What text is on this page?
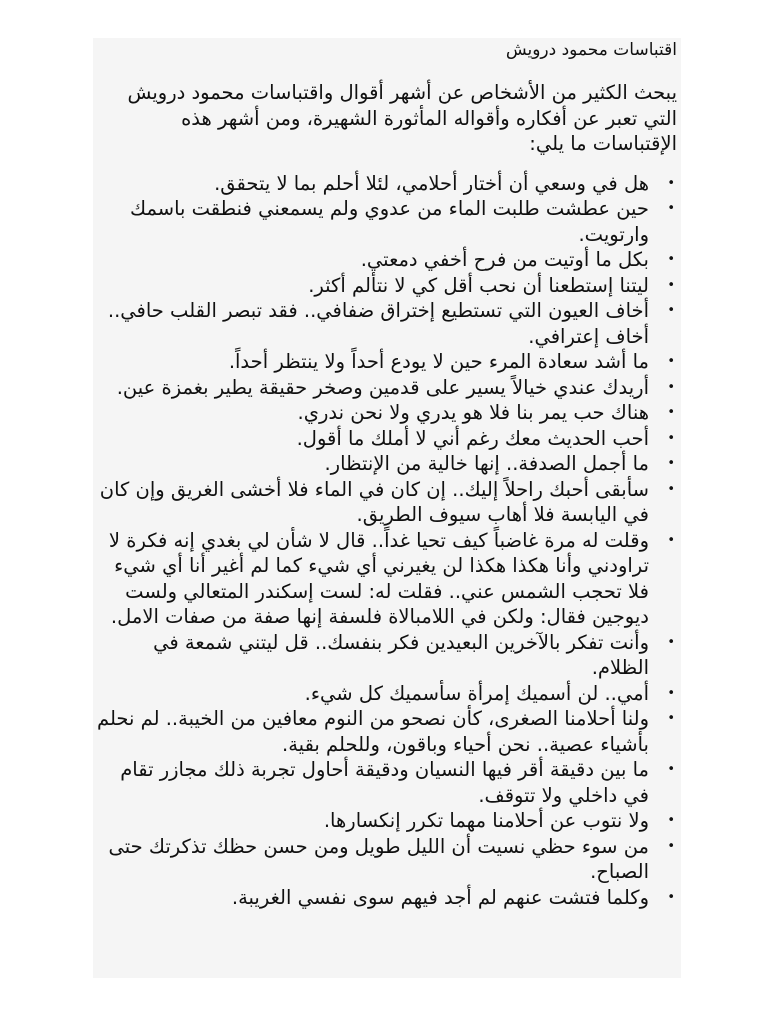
اقتباسات محمود درويش

يبحث الكثير من الأشخاص عن أشهر أقوال واقتباسات محمود درويش التي تعبر عن أفكاره وأقواله المأثورة الشهيرة، ومن أشهر هذه الإقتباسات ما يلي:

• هل في وسعي أن أختار أحلامي، لئلا أحلم بما لا يتحقق.
• حين عطشت طلبت الماء من عدوي ولم يسمعني فنطقت باسمك وارتويت.
• بكل ما أوتيت من فرح أخفي دمعتي.
• ليتنا إستطعنا أن نحب أقل كي لا نتألم أكثر.
• أخاف العيون التي تستطيع إختراق ضفافي.. فقد تبصر القلب حافي.. أخاف إعترافي.
• ما أشد سعادة المرء حين لا يودع أحداً ولا ينتظر أحداً.
• أريدك عندي خيالاً يسير على قدمين وصخر حقيقة يطير بغمزة عين.
• هناك حب يمر بنا فلا هو يدري ولا نحن ندري.
• أحب الحديث معك رغم أني لا أملك ما أقول.
• ما أجمل الصدفة.. إنها خالية من الإنتظار.
• سأبقى أحبك راحلاً إليك.. إن كان في الماء فلا أخشى الغريق وإن كان في اليابسة فلا أهاب سيوف الطريق.
• وقلت له مرة غاضباً كيف تحيا غداً.. قال لا شأن لي بغدي إنه فكرة لا تراودني وأنا هكذا هكذا لن يغيرني أي شيء كما لم أغير أنا أي شيء فلا تحجب الشمس عني.. فقلت له: لست إسكندر المتعالي ولست ديوجين فقال: ولكن في اللامبالاة فلسفة إنها صفة من صفات الامل.
• وأنت تفكر بالآخرين البعيدين فكر بنفسك.. قل ليتني شمعة في الظلام.
• أمي.. لن أسميك إمرأة سأسميك كل شيء.
• ولنا أحلامنا الصغرى، كأن نصحو من النوم معافين من الخيبة.. لم نحلم بأشياء عصية.. نحن أحياء وباقون، وللحلم بقية.
• ما بين دقيقة أقر فيها النسيان ودقيقة أحاول تجربة ذلك مجازر تقام في داخلي ولا تتوقف.
• ولا نتوب عن أحلامنا مهما تكرر إنكسارها.
• من سوء حظي نسيت أن الليل طويل ومن حسن حظك تذكرتك حتى الصباح.
• وكلما فتشت عنهم لم أجد فيهم سوى نفسي الغريبة.
